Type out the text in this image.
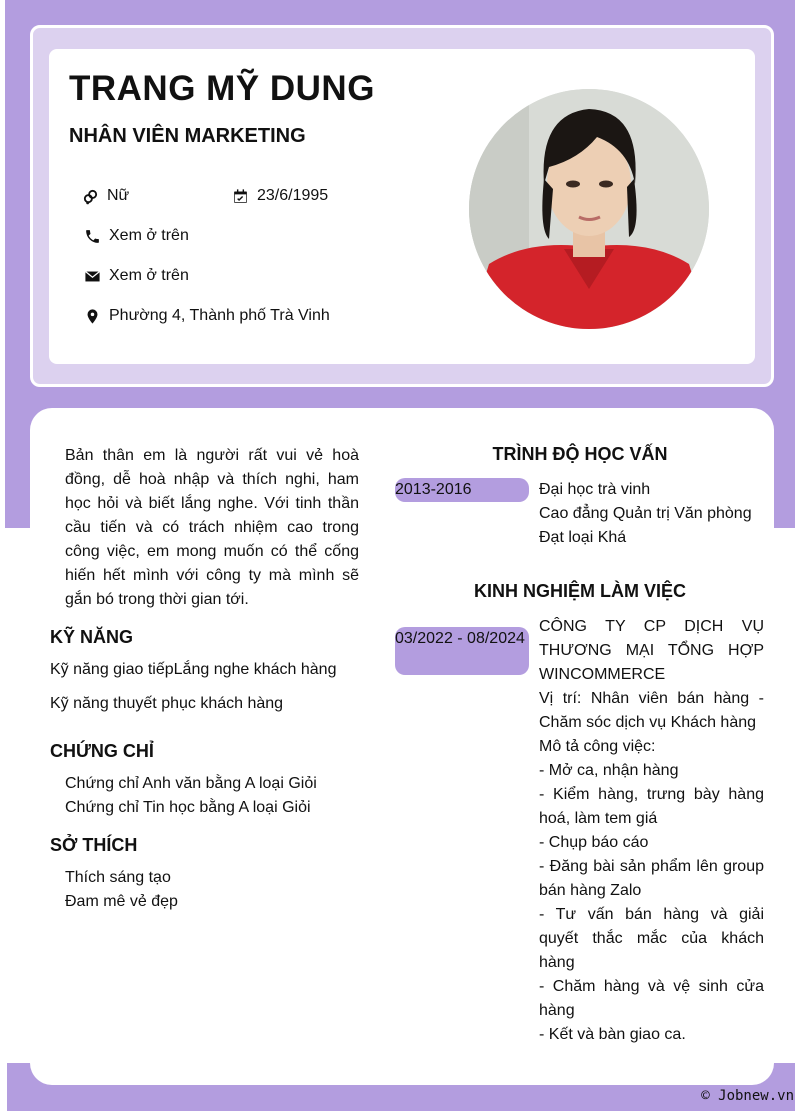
TRANG MỸ DUNG
NHÂN VIÊN MARKETING
Nữ	23/6/1995
Xem ở trên
Xem ở trên
Phường 4, Thành phố Trà Vinh
Bản thân em là người rất vui vẻ hoà đồng, dễ hoà nhập và thích nghi, ham học hỏi và biết lắng nghe. Với tinh thần cầu tiến và có trách nhiệm cao trong công việc, em mong muốn có thể cống hiến hết mình với công ty mà mình sẽ gắn bó trong thời gian tới.
KỸ NĂNG
Kỹ năng giao tiếpLắng nghe khách hàng
Kỹ năng thuyết phục khách hàng
CHỨNG CHỈ
Chứng chỉ Anh văn bằng A loại Giỏi
Chứng chỉ Tin học bằng A loại Giỏi
SỞ THÍCH
Thích sáng tạo
Đam mê vẻ đẹp
TRÌNH ĐỘ HỌC VẤN
2013-2016	Đại học trà vinh
Cao đẳng Quản trị Văn phòng
Đạt loại Khá
KINH NGHIỆM LÀM VIỆC
03/2022 - 08/2024
CÔNG TY CP DỊCH VỤ THƯƠNG MẠI TỔNG HỢP WINCOMMERCE
Vị trí: Nhân viên bán hàng - Chăm sóc dịch vụ Khách hàng
Mô tả công việc:
- Mở ca, nhận hàng
- Kiểm hàng, trưng bày hàng hoá, làm tem giá
- Chụp báo cáo
- Đăng bài sản phẩm lên group bán hàng Zalo
- Tư vấn bán hàng và giải quyết thắc mắc của khách hàng
- Chăm hàng và vệ sinh cửa hàng
- Kết và bàn giao ca.
© Jobnew.vn
